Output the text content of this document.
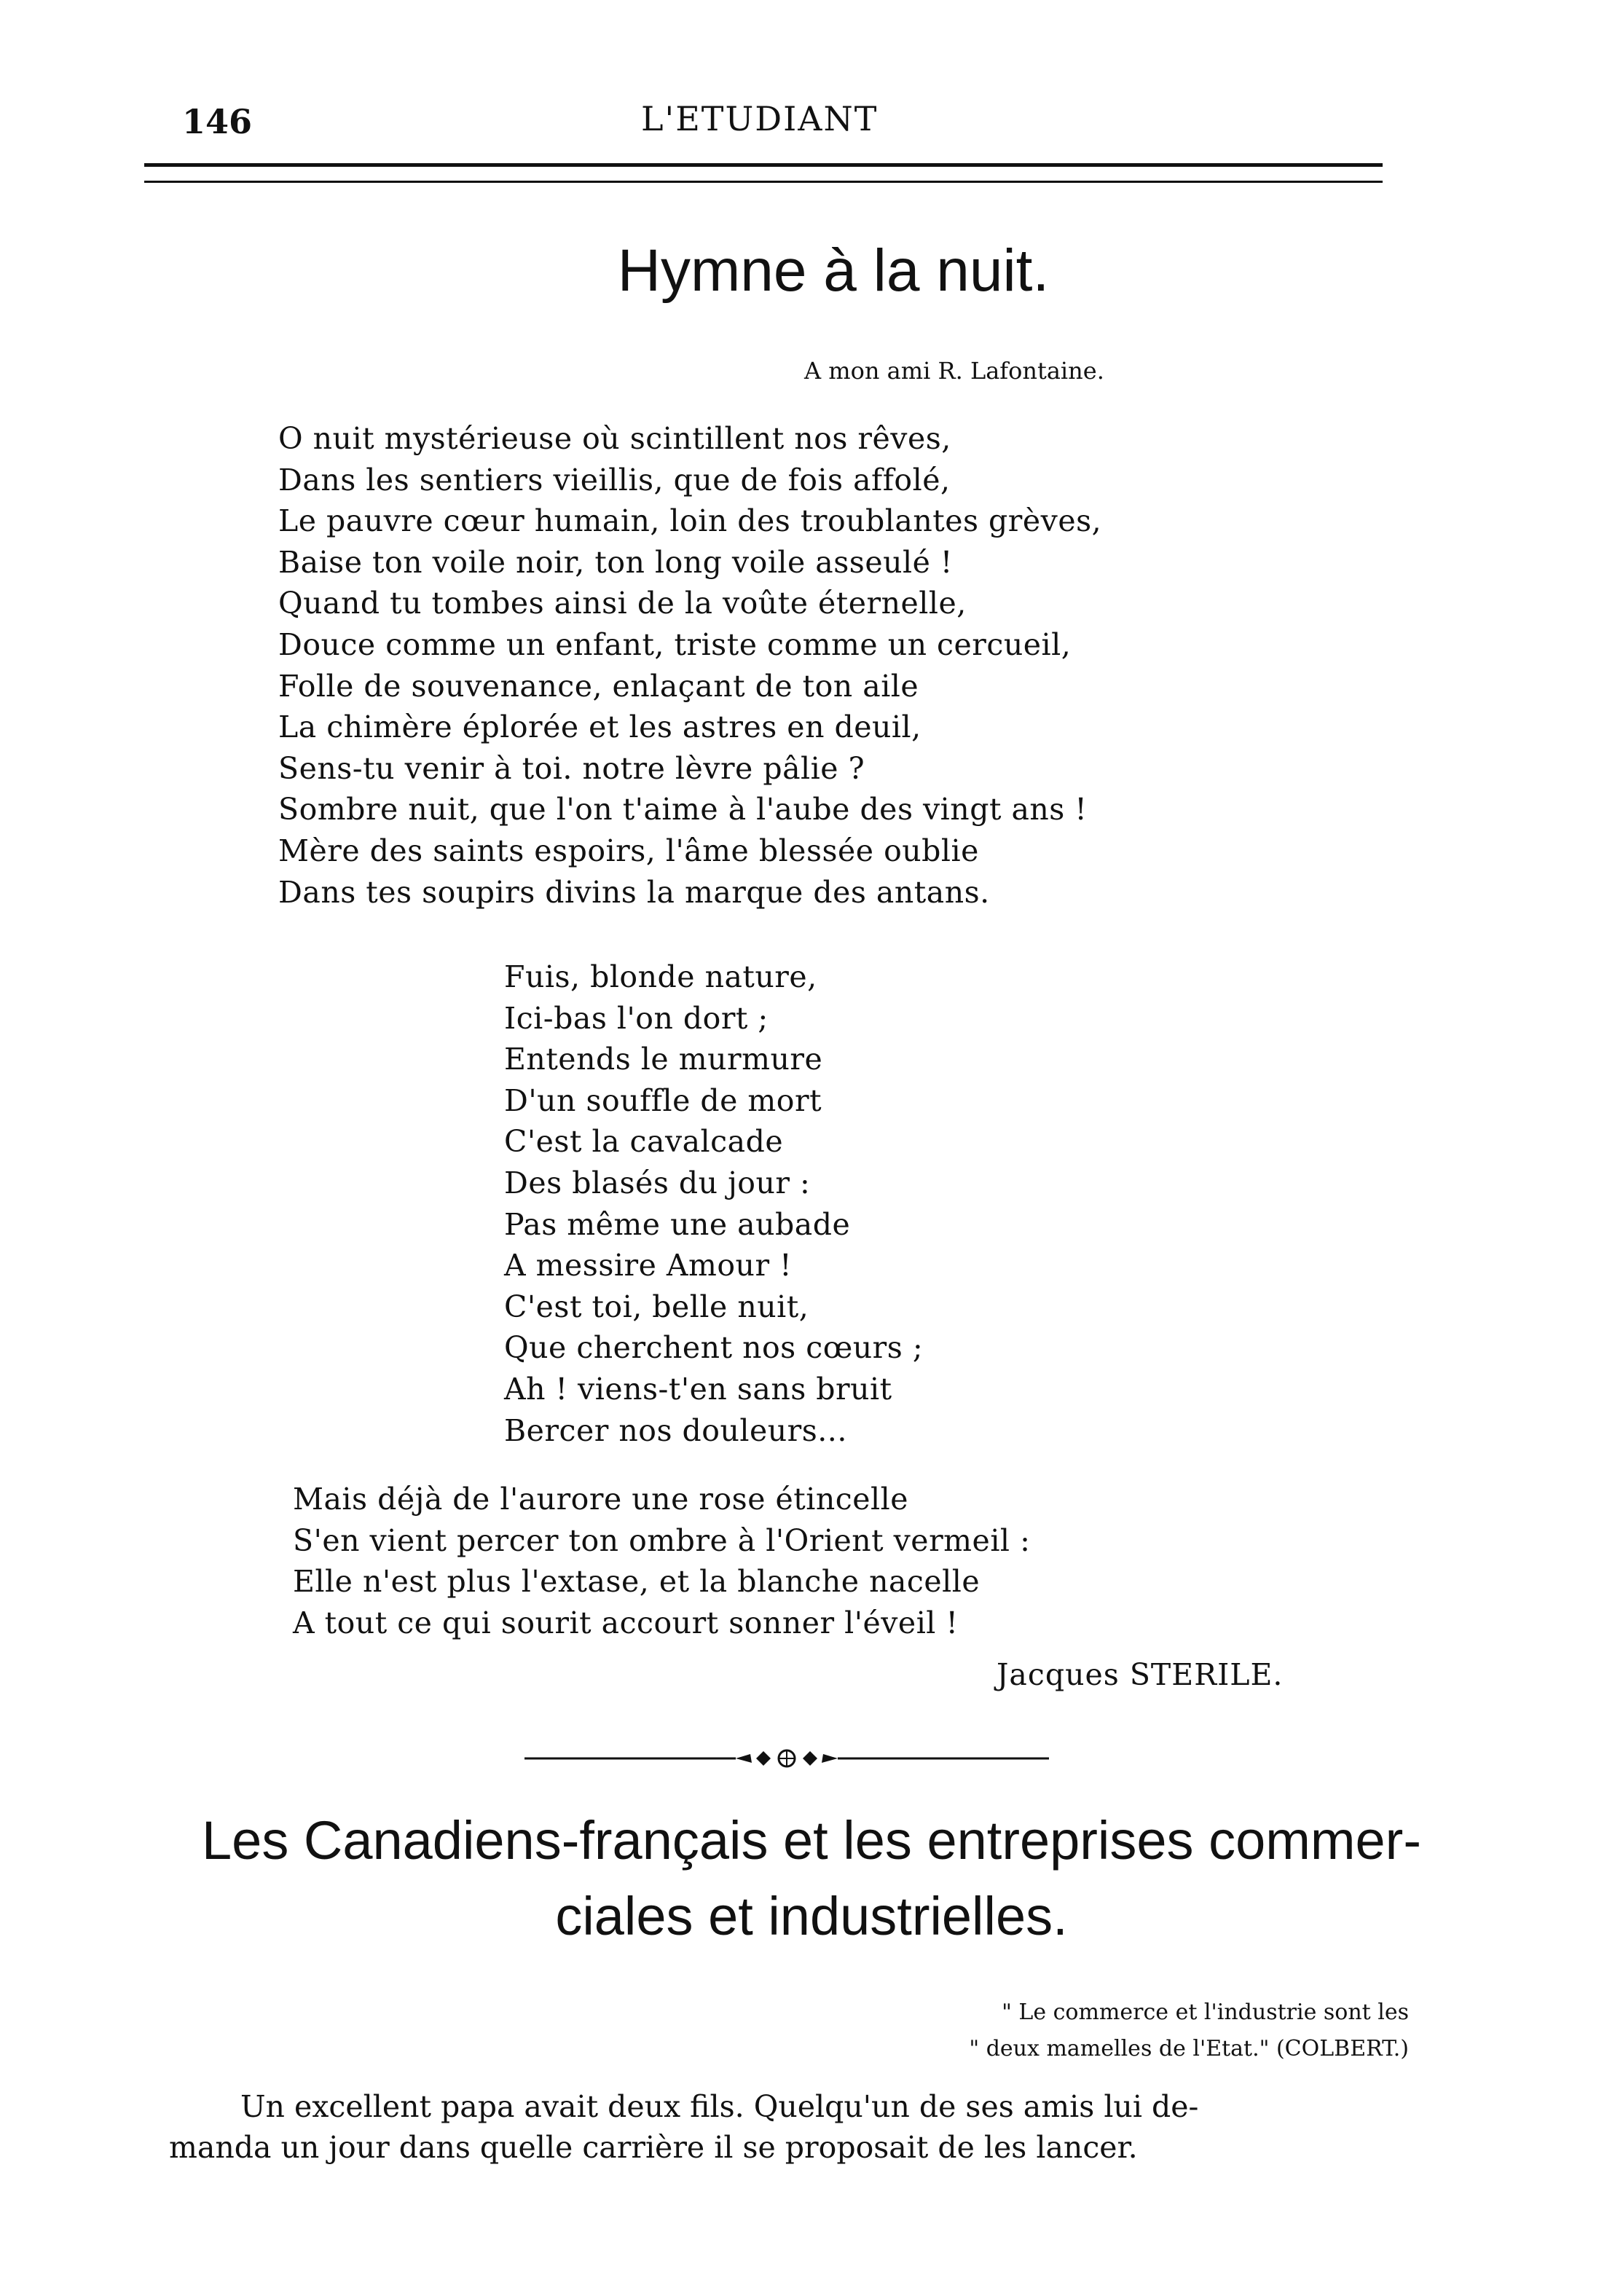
146	L'ETUDIANT
Hymne à la nuit.
A mon ami R. Lafontaine.
O nuit mystérieuse où scintillent nos rêves,
Dans les sentiers vieillis, que de fois affolé,
Le pauvre cœur humain, loin des troublantes grèves,
Baise ton voile noir, ton long voile asseulé !
Quand tu tombes ainsi de la voûte éternelle,
Douce comme un enfant, triste comme un cercueil,
Folle de souvenance, enlaçant de ton aile
La chimère éplorée et les astres en deuil,
Sens-tu venir à toi. notre lèvre pâlie ?
Sombre nuit, que l'on t'aime à l'aube des vingt ans !
Mère des saints espoirs, l'âme blessée oublie
Dans tes soupirs divins la marque des antans.
Fuis, blonde nature,
Ici-bas l'on dort ;
Entends le murmure
D'un souffle de mort
C'est la cavalcade
Des blasés du jour :
Pas même une aubade
A messire Amour !
C'est toi, belle nuit,
Que cherchent nos cœurs ;
Ah ! viens-t'en sans bruit
Bercer nos douleurs...
Mais déjà de l'aurore une rose étincelle
S'en vient percer ton ombre à l'Orient vermeil :
Elle n'est plus l'extase, et la blanche nacelle
A tout ce qui sourit accourt sonner l'éveil !
Jacques STERILE.
Les Canadiens-français et les entreprises commer-
ciales et industrielles.
" Le commerce et l'industrie sont les
" deux mamelles de l'Etat." (COLBERT.)
Un excellent papa avait deux fils. Quelqu'un de ses amis lui de-
manda un jour dans quelle carrière il se proposait de les lancer.
